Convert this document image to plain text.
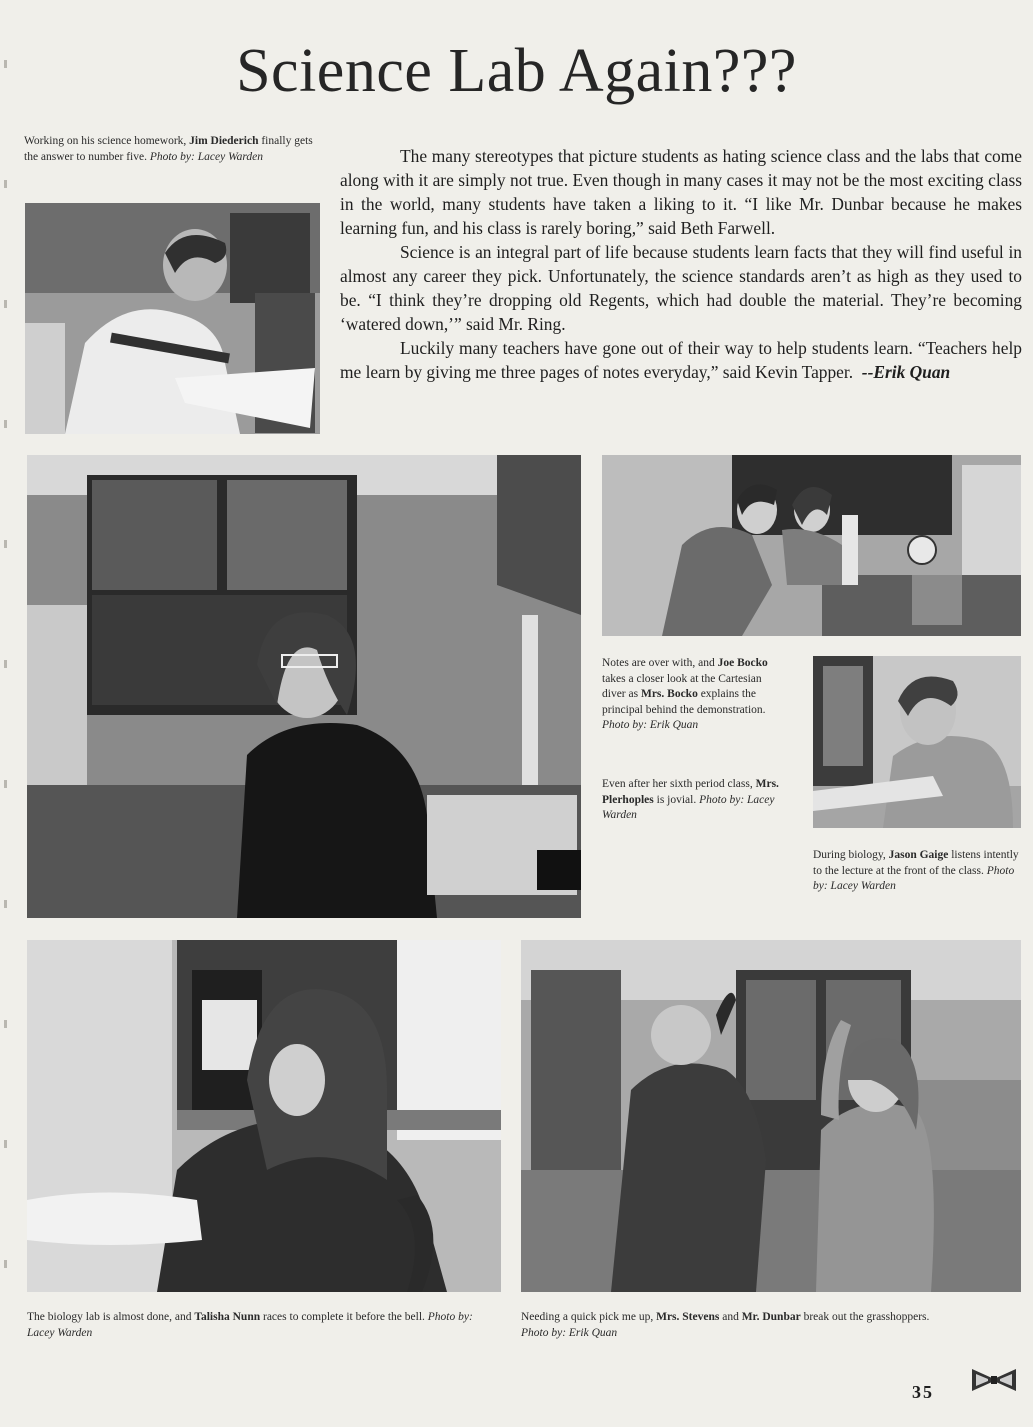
Science Lab Again???
Working on his science homework, Jim Diederich finally gets the answer to number five. Photo by: Lacey Warden	The many stereotypes that picture students as hating science class and the labs that come along with it are simply not true. Even though in many cases it may not be the most exciting class in the world, many students have taken a liking to it. “I like Mr. Dunbar because he makes learning fun, and his class is rarely boring,” said Beth Farwell.

Science is an integral part of life because students learn facts that they will find useful in almost any career they pick. Unfortunately, the science standards aren’t as high as they used to be. “I think they’re dropping old Regents, which had double the material. They’re becoming ‘watered down,’” said Mr. Ring.

Luckily many teachers have gone out of their way to help students learn. “Teachers help me learn by giving me three pages of notes everyday,” said Kevin Tapper. --Erik Quan

Notes are over with, and Joe Bocko takes a closer look at the Cartesian diver as Mrs. Bocko explains the principal behind the demonstration. Photo by: Erik Quan
Even after her sixth period class, Mrs. Plerhoples is jovial. Photo by: Lacey Warden
During biology, Jason Gaige listens intently to the lecture at the front of the class. Photo by: Lacey Warden
The biology lab is almost done, and Talisha Nunn races to complete it before the bell. Photo by: Lacey Warden
Needing a quick pick me up, Mrs. Stevens and Mr. Dunbar break out the grasshoppers.
Photo by: Erik Quan
35
